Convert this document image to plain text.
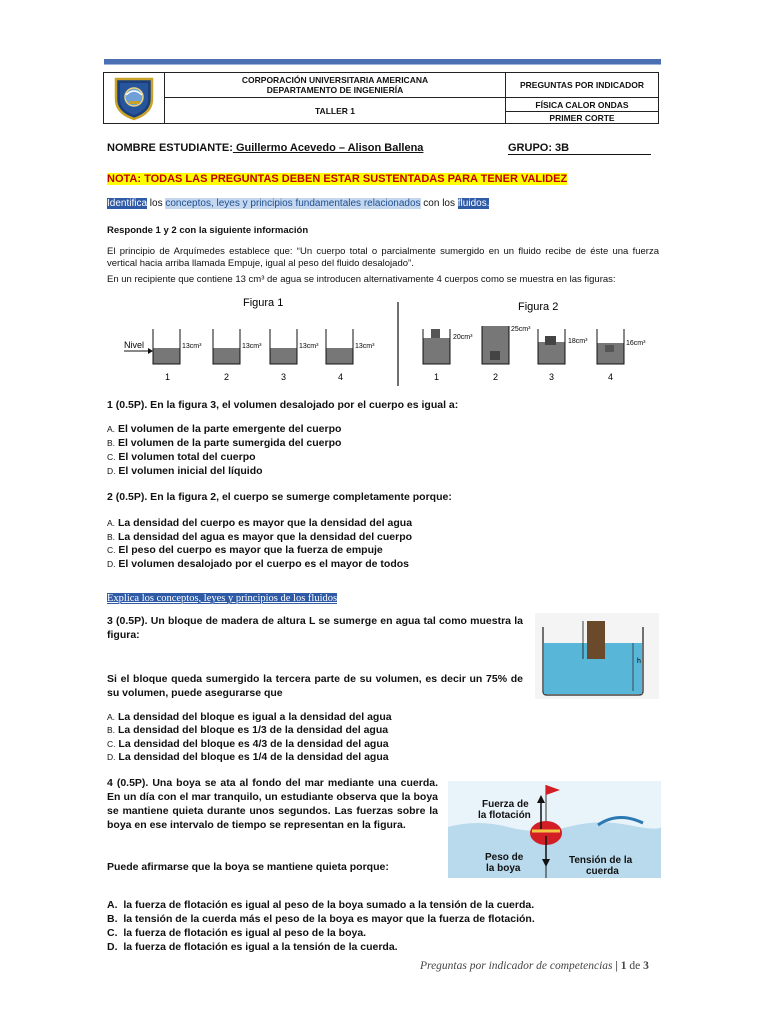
CORPORACIÓN UNIVERSITARIA AMERICANA
DEPARTAMENTO DE INGENIERÍA	PREGUNTAS POR INDICADOR
	TALLER 1	FÍSICA CALOR ONDAS
		PRIMER CORTE
NOMBRE ESTUDIANTE: Guillermo Acevedo – Alison Ballena	GRUPO: 3B
NOTA: TODAS LAS PREGUNTAS DEBEN ESTAR SUSTENTADAS PARA TENER VALIDEZ
Identifica los conceptos, leyes y principios fundamentales relacionados con los fluidos.
Responde 1 y 2 con la siguiente información
El principio de Arquímedes establece que: “Un cuerpo total o parcialmente sumergido en un fluido recibe de éste una fuerza vertical hacia arriba llamada Empuje, igual al peso del fluido desalojado”.
En un recipiente que contiene 13 cm³ de agua se introducen alternativamente 4 cuerpos como se muestra en las figuras:
Figura 1	Figura 2
Nivel	13cm³	13cm³	13cm³	13cm³
1	2	3	4
20cm³
25cm³
18cm³	16cm³
1	2	3	4
1 (0.5P). En la figura 3, el volumen desalojado por el cuerpo es igual a:
A. El volumen de la parte emergente del cuerpo
B. El volumen de la parte sumergida del cuerpo
C. El volumen total del cuerpo
D. El volumen inicial del líquido
2 (0.5P). En la figura 2, el cuerpo se sumerge completamente porque:
A. La densidad del cuerpo es mayor que la densidad del agua
B. La densidad del agua es mayor que la densidad del cuerpo
C. El peso del cuerpo es mayor que la fuerza de empuje
D. El volumen desalojado por el cuerpo es el mayor de todos
Explica los conceptos, leyes y principios de los fluidos
3 (0.5P). Un bloque de madera de altura L se sumerge en agua tal como muestra la figura:
Si el bloque queda sumergido la tercera parte de su volumen, es decir un 75% de su volumen, puede asegurarse que
h
A. La densidad del bloque es igual a la densidad del agua
B. La densidad del bloque es 1/3 de la densidad del agua
C. La densidad del bloque es 4/3 de la densidad del agua
D. La densidad del bloque es 1/4 de la densidad del agua
4 (0.5P). Una boya se ata al fondo del mar mediante una cuerda. En un día con el mar tranquilo, un estudiante observa que la boya se mantiene quieta durante unos segundos. Las fuerzas sobre la boya en ese intervalo de tiempo se representan en la figura.
Puede afirmarse que la boya se mantiene quieta porque:
Fuerza de
la flotación
Peso de
la boya
Tensión de la
cuerda
A. la fuerza de flotación es igual al peso de la boya sumado a la tensión de la cuerda.
B. la tensión de la cuerda más el peso de la boya es mayor que la fuerza de flotación.
C. la fuerza de flotación es igual al peso de la boya.
D. la fuerza de flotación es igual a la tensión de la cuerda.
Preguntas por indicador de competencias | 1 de 3
